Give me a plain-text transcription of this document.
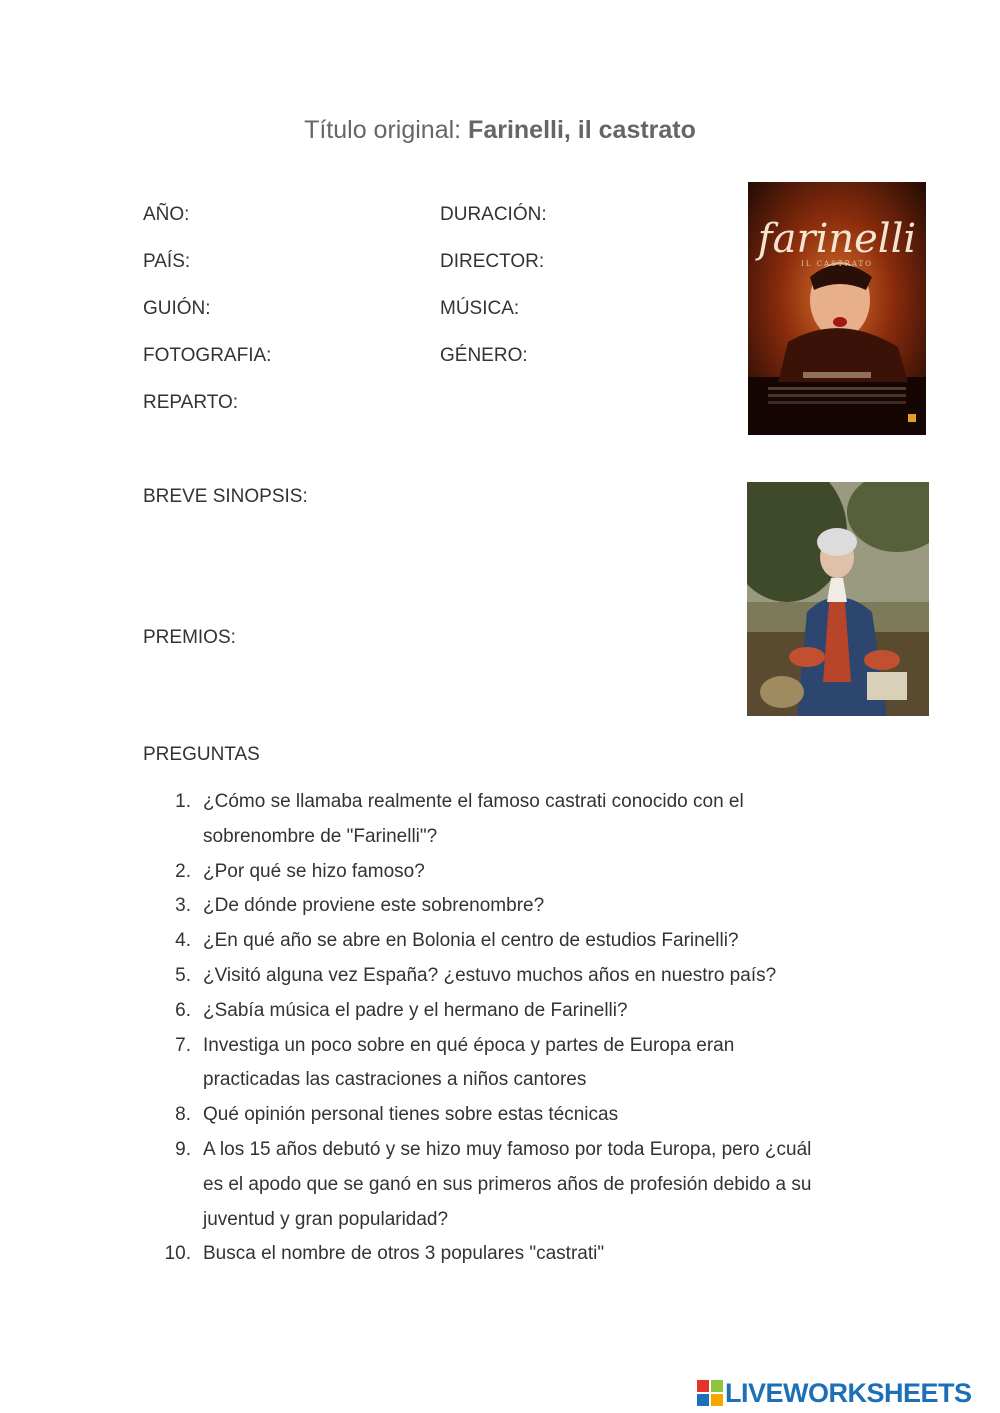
Título original: Farinelli, il castrato
AÑO:	DURACIÓN:
PAÍS:	DIRECTOR:
GUIÓN:	MÚSICA:
FOTOGRAFIA:	GÉNERO:
REPARTO:
farinelli
IL CASTRATO
BREVE SINOPSIS:
PREMIOS:
PREGUNTAS
1. ¿Cómo se llamaba realmente el famoso castrati conocido con el
sobrenombre de "Farinelli"?
2. ¿Por qué se hizo famoso?
3. ¿De dónde proviene este sobrenombre?
4. ¿En qué año se abre en Bolonia el centro de estudios Farinelli?
5. ¿Visitó alguna vez España? ¿estuvo muchos años en nuestro país?
6. ¿Sabía música el padre y el hermano de Farinelli?
7. Investiga un poco sobre en qué época y partes de Europa eran
practicadas las castraciones a niños cantores
8. Qué opinión personal tienes sobre estas técnicas
9. A los 15 años debutó y se hizo muy famoso por toda Europa, pero ¿cuál
es el apodo que se ganó en sus primeros años de profesión debido a su
juventud y gran popularidad?
10. Busca el nombre de otros 3 populares "castrati"
LIVEWORKSHEETS
